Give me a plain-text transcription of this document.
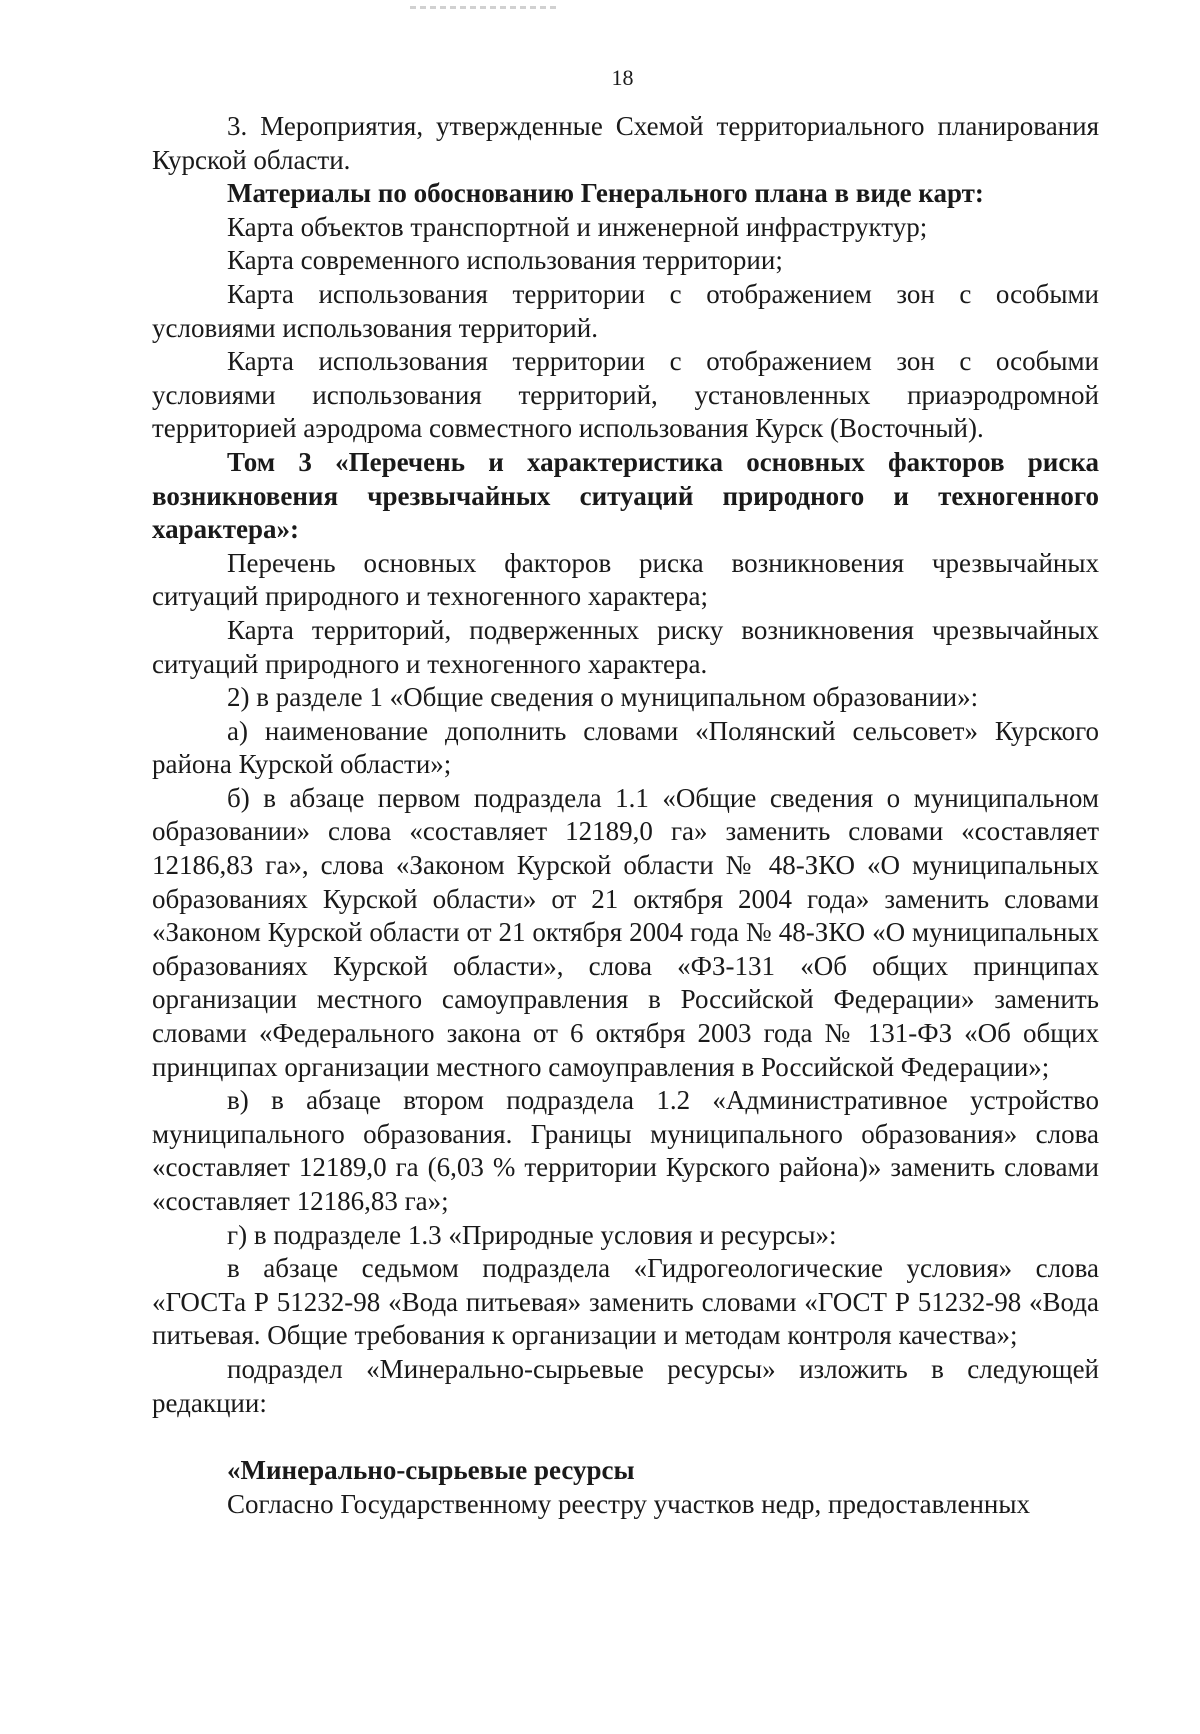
18

3. Мероприятия, утвержденные Схемой территориального планирования Курской области.

Материалы по обоснованию Генерального плана в виде карт:

Карта объектов транспортной и инженерной инфраструктур;

Карта современного использования территории;

Карта использования территории с отображением зон с особыми условиями использования территорий.

Карта использования территории с отображением зон с особыми условиями использования территорий, установленных приаэродромной территорией аэродрома совместного использования Курск (Восточный).

Том 3 «Перечень и характеристика основных факторов риска возникновения чрезвычайных ситуаций природного и техногенного характера»:

Перечень основных факторов риска возникновения чрезвычайных ситуаций природного и техногенного характера;

Карта территорий, подверженных риску возникновения чрезвычайных ситуаций природного и техногенного характера.

2) в разделе 1 «Общие сведения о муниципальном образовании»:

а) наименование дополнить словами «Полянский сельсовет» Курского района Курской области»;

б) в абзаце первом подраздела 1.1 «Общие сведения о муниципальном образовании» слова «составляет 12189,0 га» заменить словами «составляет 12186,83 га», слова «Законом Курской области № 48-ЗКО «О муниципальных образованиях Курской области» от 21 октября 2004 года» заменить словами «Законом Курской области от 21 октября 2004 года № 48-ЗКО «О муниципальных образованиях Курской области», слова «ФЗ-131 «Об общих принципах организации местного самоуправления в Российской Федерации» заменить словами «Федерального закона от 6 октября 2003 года № 131-ФЗ «Об общих принципах организации местного самоуправления в Российской Федерации»;

в) в абзаце втором подраздела 1.2 «Административное устройство муниципального образования. Границы муниципального образования» слова «составляет 12189,0 га (6,03 % территории Курского района)» заменить словами «составляет 12186,83 га»;

г) в подразделе 1.3 «Природные условия и ресурсы»:

в абзаце седьмом подраздела «Гидрогеологические условия» слова «ГОСТа Р 51232-98 «Вода питьевая» заменить словами «ГОСТ Р 51232-98 «Вода питьевая. Общие требования к организации и методам контроля качества»;

подраздел «Минерально-сырьевые ресурсы» изложить в следующей редакции:

«Минерально-сырьевые ресурсы

Согласно Государственному реестру участков недр, предоставленных
